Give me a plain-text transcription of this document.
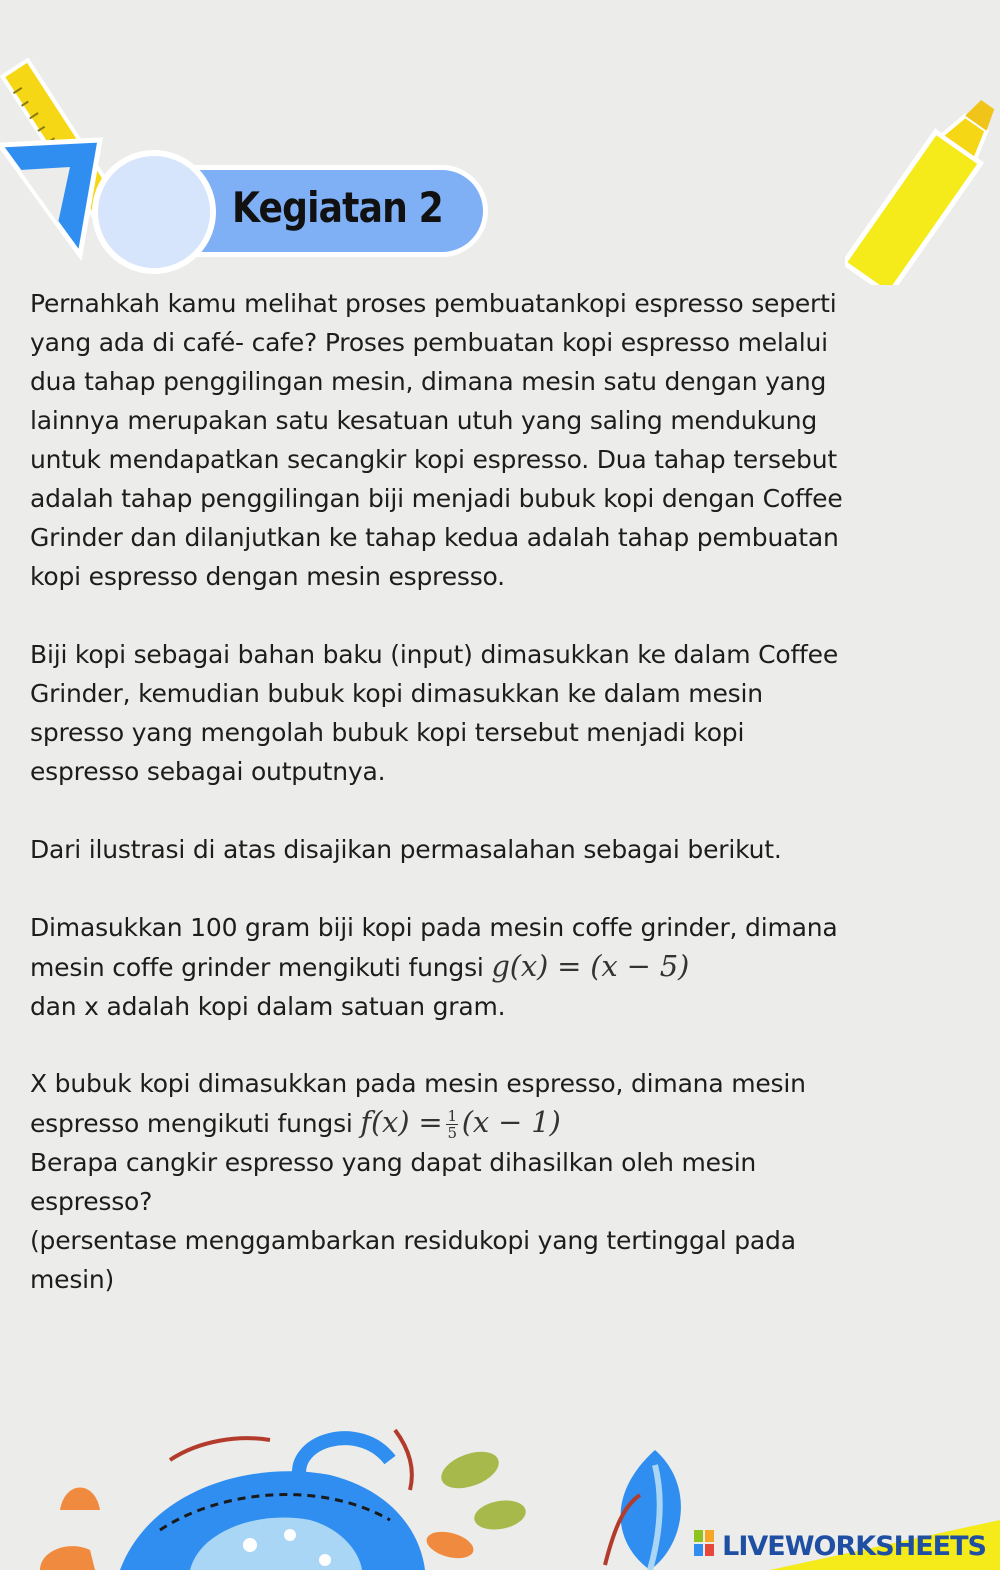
Kegiatan 2

Pernahkah kamu melihat proses pembuatankopi espresso seperti
yang ada di café- cafe? Proses pembuatan kopi espresso melalui
dua tahap penggilingan mesin, dimana mesin satu dengan yang
lainnya merupakan satu kesatuan utuh yang saling mendukung
untuk mendapatkan secangkir kopi espresso. Dua tahap tersebut
adalah tahap penggilingan biji menjadi bubuk kopi dengan Coffee
Grinder dan dilanjutkan ke tahap kedua adalah tahap pembuatan
kopi espresso dengan mesin espresso.

Biji kopi sebagai bahan baku (input) dimasukkan ke dalam Coffee
Grinder, kemudian bubuk kopi dimasukkan ke dalam mesin
spresso yang mengolah bubuk kopi tersebut menjadi kopi
espresso sebagai outputnya.

Dari ilustrasi di atas disajikan permasalahan sebagai berikut.

Dimasukkan 100 gram biji kopi pada mesin coffe grinder, dimana
mesin coffe grinder mengikuti fungsi g(x) = (x − 5)
dan x adalah kopi dalam satuan gram.
X bubuk kopi dimasukkan pada mesin espresso, dimana mesin
espresso mengikuti fungsi $f(x) = \frac{1}{5} (x - 1)$
Berapa cangkir espresso yang dapat dihasilkan oleh mesin
espresso?
(persentase menggambarkan residukopi yang tertinggal pada
mesin)
LIVEWORKSHEETS
